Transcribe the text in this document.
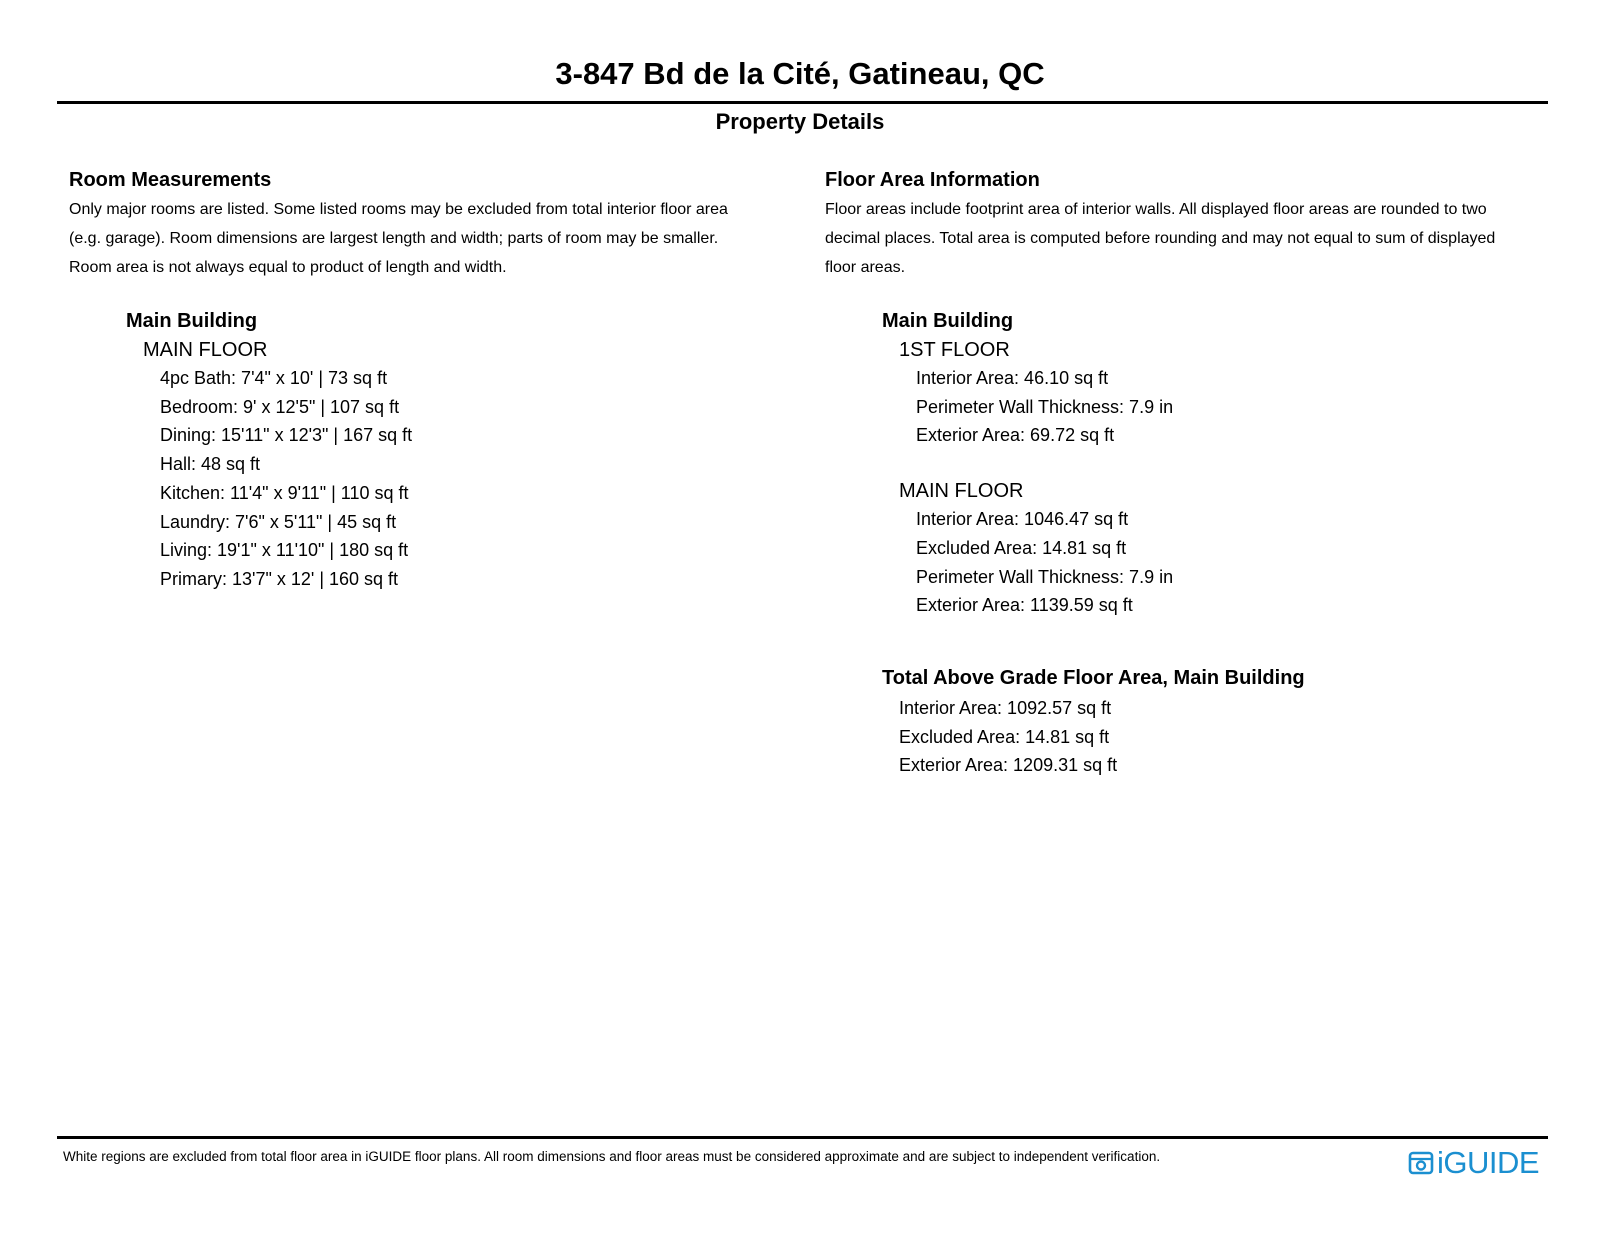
3-847 Bd de la Cité, Gatineau, QC
Property Details
Room Measurements
Only major rooms are listed. Some listed rooms may be excluded from total interior floor area
(e.g. garage). Room dimensions are largest length and width; parts of room may be smaller.
Room area is not always equal to product of length and width.
Main Building
MAIN FLOOR
4pc Bath: 7'4" x 10' | 73 sq ft
Bedroom: 9' x 12'5" | 107 sq ft
Dining: 15'11" x 12'3" | 167 sq ft
Hall: 48 sq ft
Kitchen: 11'4" x 9'11" | 110 sq ft
Laundry: 7'6" x 5'11" | 45 sq ft
Living: 19'1" x 11'10" | 180 sq ft
Primary: 13'7" x 12' | 160 sq ft
Floor Area Information
Floor areas include footprint area of interior walls. All displayed floor areas are rounded to two
decimal places. Total area is computed before rounding and may not equal to sum of displayed
floor areas.
Main Building
1ST FLOOR
Interior Area: 46.10 sq ft
Perimeter Wall Thickness: 7.9 in
Exterior Area: 69.72 sq ft
MAIN FLOOR
Interior Area: 1046.47 sq ft
Excluded Area: 14.81 sq ft
Perimeter Wall Thickness: 7.9 in
Exterior Area: 1139.59 sq ft
Total Above Grade Floor Area, Main Building
Interior Area: 1092.57 sq ft
Excluded Area: 14.81 sq ft
Exterior Area: 1209.31 sq ft
White regions are excluded from total floor area in iGUIDE floor plans. All room dimensions and floor areas must be considered approximate and are subject to independent verification.	iGUIDE
